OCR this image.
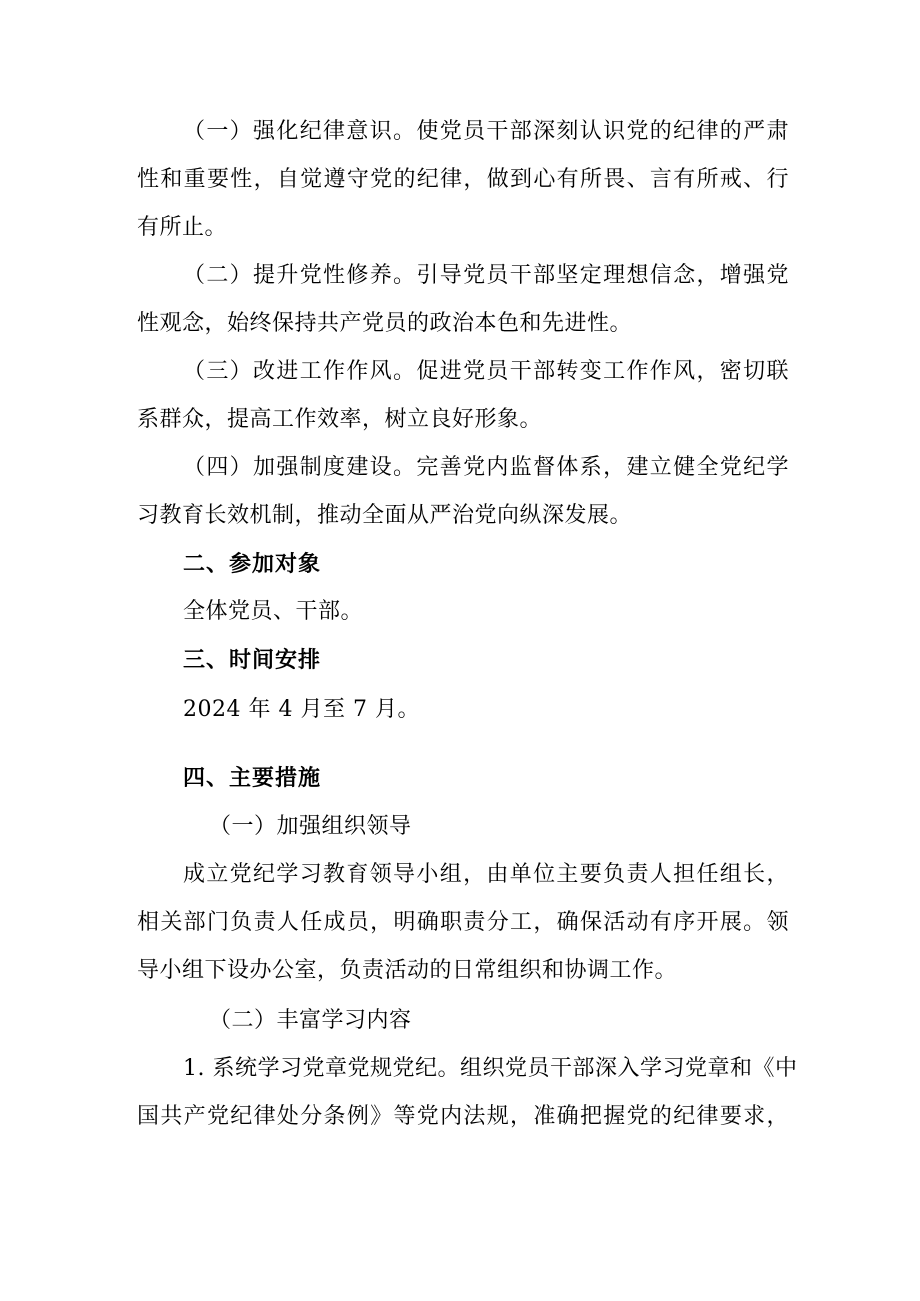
（一）强化纪律意识。使党员干部深刻认识党的纪律的严肃
性和重要性，自觉遵守党的纪律，做到心有所畏、言有所戒、行
有所止。
（二）提升党性修养。引导党员干部坚定理想信念，增强党
性观念，始终保持共产党员的政治本色和先进性。
（三）改进工作作风。促进党员干部转变工作作风，密切联
系群众，提高工作效率，树立良好形象。
（四）加强制度建设。完善党内监督体系，建立健全党纪学
习教育长效机制，推动全面从严治党向纵深发展。
二、参加对象
全体党员、干部。
三、时间安排
2024 年 4 月至 7 月。
四、主要措施
（一）加强组织领导
成立党纪学习教育领导小组，由单位主要负责人担任组长，
相关部门负责人任成员，明确职责分工，确保活动有序开展。领
导小组下设办公室，负责活动的日常组织和协调工作。
（二）丰富学习内容
1. 系统学习党章党规党纪。组织党员干部深入学习党章和《中
国共产党纪律处分条例》等党内法规，准确把握党的纪律要求，
